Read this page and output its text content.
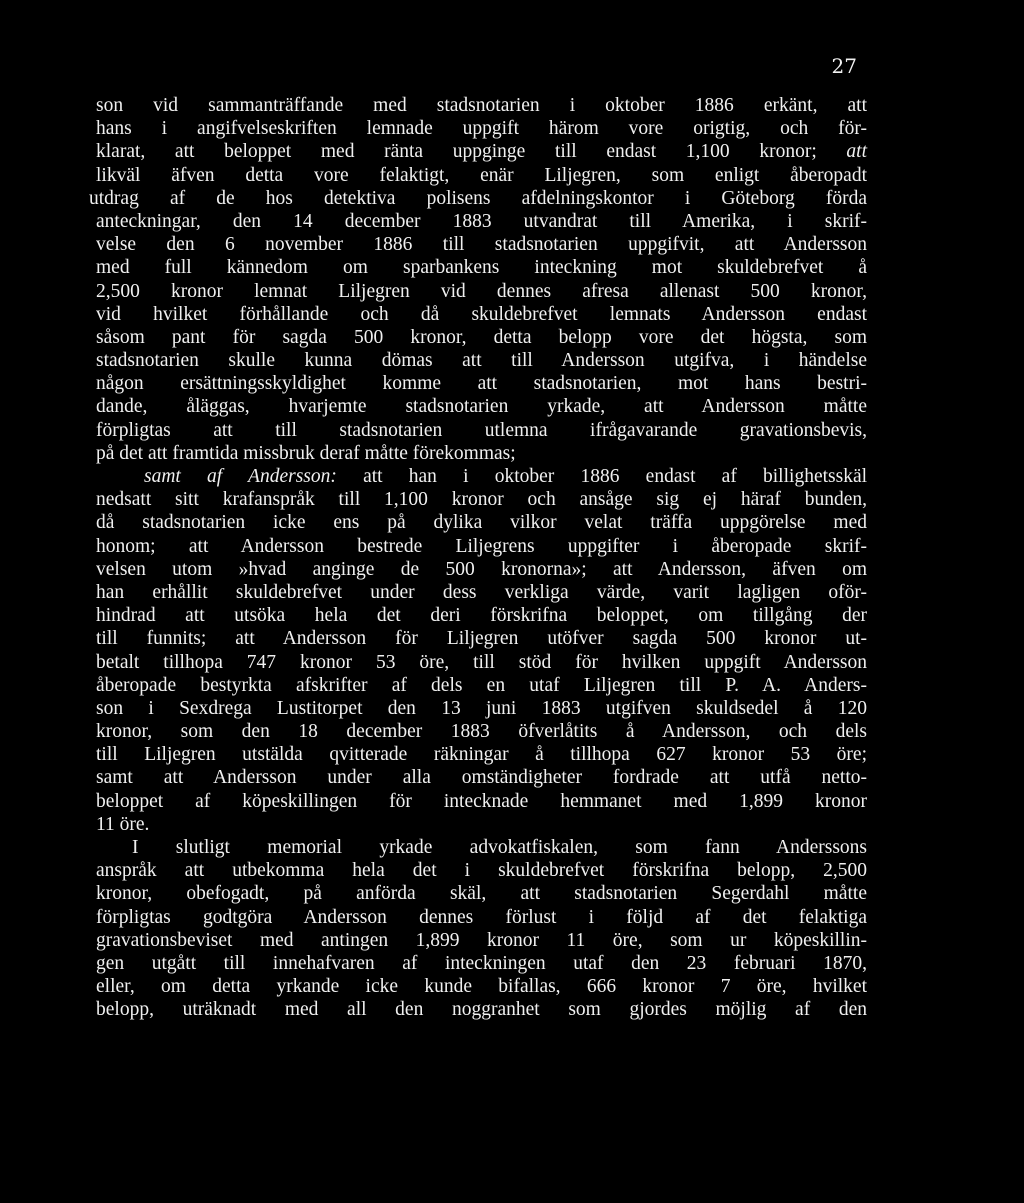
27
son vid sammanträffande med stadsnotarien i oktober 1886 erkänt, att
hans i angifvelseskriften lemnade uppgift härom vore origtig, och för-
klarat, att beloppet med ränta uppginge till endast 1,100 kronor; att
likväl äfven detta vore felaktigt, enär Liljegren, som enligt åberopadt
utdrag af de hos detektiva polisens afdelningskontor i Göteborg förda
anteckningar, den 14 december 1883 utvandrat till Amerika, i skrif-
velse den 6 november 1886 till stadsnotarien uppgifvit, att Andersson
med full kännedom om sparbankens inteckning mot skuldebrefvet å
2,500 kronor lemnat Liljegren vid dennes afresa allenast 500 kronor,
vid hvilket förhållande och då skuldebrefvet lemnats Andersson endast
såsom pant för sagda 500 kronor, detta belopp vore det högsta, som
stadsnotarien skulle kunna dömas att till Andersson utgifva, i händelse
någon ersättningsskyldighet komme att stadsnotarien, mot hans bestri-
dande, åläggas, hvarjemte stadsnotarien yrkade, att Andersson måtte
förpligtas att till stadsnotarien utlemna ifrågavarande gravationsbevis,
på det att framtida missbruk deraf måtte förekommas;
samt af Andersson: att han i oktober 1886 endast af billighetsskäl
nedsatt sitt krafanspråk till 1,100 kronor och ansåge sig ej häraf bunden,
då stadsnotarien icke ens på dylika vilkor velat träffa uppgörelse med
honom; att Andersson bestrede Liljegrens uppgifter i åberopade skrif-
velsen utom »hvad anginge de 500 kronorna»; att Andersson, äfven om
han erhållit skuldebrefvet under dess verkliga värde, varit lagligen oför-
hindrad att utsöka hela det deri förskrifna beloppet, om tillgång der
till funnits; att Andersson för Liljegren utöfver sagda 500 kronor ut-
betalt tillhopa 747 kronor 53 öre, till stöd för hvilken uppgift Andersson
åberopade bestyrkta afskrifter af dels en utaf Liljegren till P. A. Anders-
son i Sexdrega Lustitorpet den 13 juni 1883 utgifven skuldsedel å 120
kronor, som den 18 december 1883 öfverlåtits å Andersson, och dels
till Liljegren utstälda qvitterade räkningar å tillhopa 627 kronor 53 öre;
samt att Andersson under alla omständigheter fordrade att utfå netto-
beloppet af köpeskillingen för intecknade hemmanet med 1,899 kronor
11 öre.
I slutligt memorial yrkade advokatfiskalen, som fann Anderssons
anspråk att utbekomma hela det i skuldebrefvet förskrifna belopp, 2,500
kronor, obefogadt, på anförda skäl, att stadsnotarien Segerdahl måtte
förpligtas godtgöra Andersson dennes förlust i följd af det felaktiga
gravationsbeviset med antingen 1,899 kronor 11 öre, som ur köpeskillin-
gen utgått till innehafvaren af inteckningen utaf den 23 februari 1870,
eller, om detta yrkande icke kunde bifallas, 666 kronor 7 öre, hvilket
belopp, uträknadt med all den noggranhet som gjordes möjlig af den
